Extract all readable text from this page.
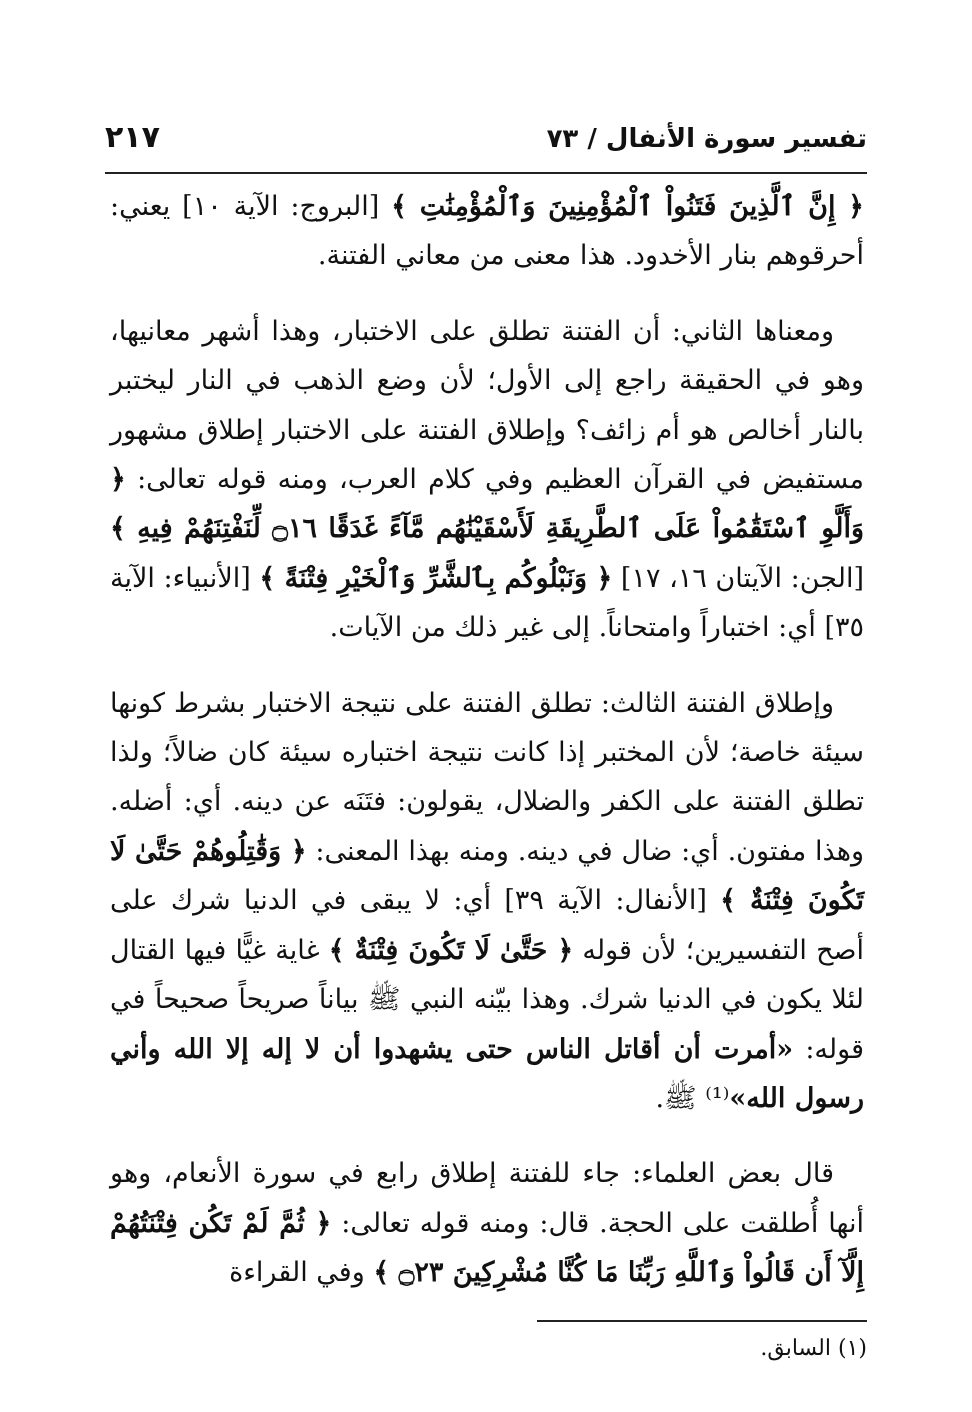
تفسير سورة الأنفال / ٧٣
٢١٧

﴿ إِنَّ ٱلَّذِينَ فَتَنُواْ ٱلْمُؤْمِنِينَ وَٱلْمُؤْمِنَٰتِ ﴾ [البروج: الآية ١٠] يعني: أحرقوهم بنار الأخدود. هذا معنى من معاني الفتنة.

ومعناها الثاني: أن الفتنة تطلق على الاختبار، وهذا أشهر معانيها، وهو في الحقيقة راجع إلى الأول؛ لأن وضع الذهب في النار ليختبر بالنار أخالص هو أم زائف؟ وإطلاق الفتنة على الاختبار إطلاق مشهور مستفيض في القرآن العظيم وفي كلام العرب، ومنه قوله تعالى: ﴿ وَأَلَّوِ ٱسْتَقَٰمُواْ عَلَى ٱلطَّرِيقَةِ لَأَسْقَيْنَٰهُم مَّآءً غَدَقًا ۝١٦ لِّنَفْتِنَهُمْ فِيهِ ﴾ [الجن: الآيتان ١٦، ١٧] ﴿ وَنَبْلُوكُم بِٱلشَّرِّ وَٱلْخَيْرِ فِتْنَةً ﴾ [الأنبياء: الآية ٣٥] أي: اختباراً وامتحاناً. إلى غير ذلك من الآيات.

وإطلاق الفتنة الثالث: تطلق الفتنة على نتيجة الاختبار بشرط كونها سيئة خاصة؛ لأن المختبر إذا كانت نتيجة اختباره سيئة كان ضالاً؛ ولذا تطلق الفتنة على الكفر والضلال، يقولون: فتَنَه عن دينه. أي: أضله. وهذا مفتون. أي: ضال في دينه. ومنه بهذا المعنى: ﴿ وَقَٰتِلُوهُمْ حَتَّىٰ لَا تَكُونَ فِتْنَةٌ ﴾ [الأنفال: الآية ٣٩] أي: لا يبقى في الدنيا شرك على أصح التفسيرين؛ لأن قوله ﴿ حَتَّىٰ لَا تَكُونَ فِتْنَةٌ ﴾ غاية غيًّا فيها القتال لئلا يكون في الدنيا شرك. وهذا بيّنه النبي ﷺ بياناً صريحاً صحيحاً في قوله: «أمرت أن أقاتل الناس حتى يشهدوا أن لا إله إلا الله وأني رسول الله»⁽¹⁾ ﷺ.

قال بعض العلماء: جاء للفتنة إطلاق رابع في سورة الأنعام، وهو أنها أُطلقت على الحجة. قال: ومنه قوله تعالى: ﴿ ثُمَّ لَمْ تَكُن فِتْنَتُهُمْ إِلَّآ أَن قَالُواْ وَٱللَّهِ رَبِّنَا مَا كُنَّا مُشْرِكِينَ ۝٢٣ ﴾ وفي القراءة

(١) السابق.
